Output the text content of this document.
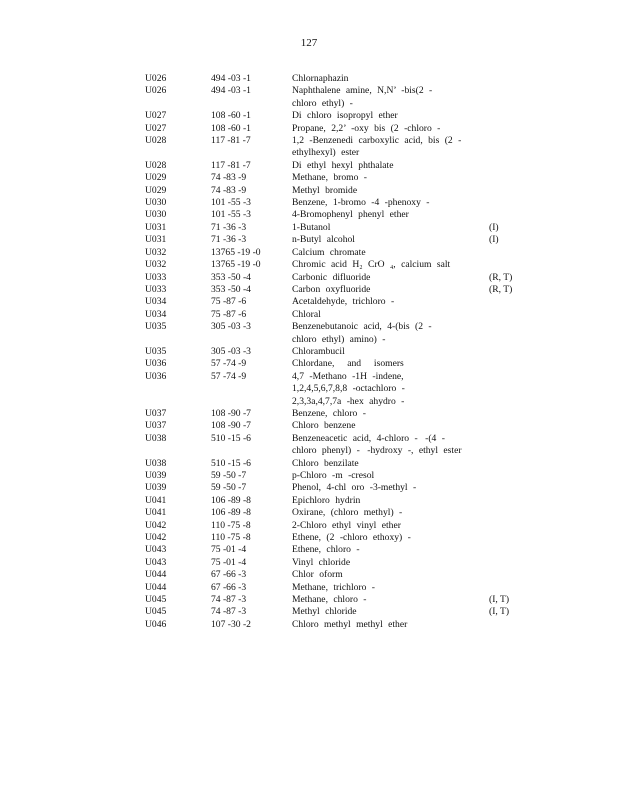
127
U026	494 -03 -1	Chlornaphazin
U026	494 -03 -1	Naphthalene amine, N,N’ -bis(2 -
chloro ethyl) -
U027	108 -60 -1	Di chloro isopropyl ether
U027	108 -60 -1	Propane, 2,2’ -oxy bis (2 -chloro -
U028	117 -81 -7	1,2 -Benzenedi carboxylic acid, bis (2 -
ethylhexyl) ester
U028	117 -81 -7	Di ethyl hexyl phthalate
U029	74 -83 -9	Methane, bromo -
U029	74 -83 -9	Methyl bromide
U030	101 -55 -3	Benzene, 1-bromo -4 -phenoxy -
U030	101 -55 -3	4-Bromophenyl phenyl ether
U031	71 -36 -3	1-Butanol	(I)
U031	71 -36 -3	n-Butyl alcohol	(I)
U032	13765 -19 -0	Calcium chromate
U032	13765 -19 -0	Chromic acid H₂ CrO ₄, calcium salt
U033	353 -50 -4	Carbonic difluoride	(R, T)
U033	353 -50 -4	Carbon oxyfluoride	(R, T)
U034	75 -87 -6	Acetaldehyde, trichloro -
U034	75 -87 -6	Chloral
U035	305 -03 -3	Benzenebutanoic acid, 4-(bis (2 -
chloro ethyl) amino) -
U035	305 -03 -3	Chlorambucil
U036	57 -74 -9	Chlordane, and isomers
U036	57 -74 -9	4,7 -Methano -1H -indene,
1,2,4,5,6,7,8,8 -octachloro -
2,3,3a,4,7,7a -hex ahydro -
U037	108 -90 -7	Benzene, chloro -
U037	108 -90 -7	Chloro benzene
U038	510 -15 -6	Benzeneacetic acid, 4-chloro - -(4 -
chloro phenyl) - -hydroxy -, ethyl ester
U038	510 -15 -6	Chloro benzilate
U039	59 -50 -7	p-Chloro -m -cresol
U039	59 -50 -7	Phenol, 4-chl oro -3-methyl -
U041	106 -89 -8	Epichloro hydrin
U041	106 -89 -8	Oxirane, (chloro methyl) -
U042	110 -75 -8	2-Chloro ethyl vinyl ether
U042	110 -75 -8	Ethene, (2 -chloro ethoxy) -
U043	75 -01 -4	Ethene, chloro -
U043	75 -01 -4	Vinyl chloride
U044	67 -66 -3	Chlor oform
U044	67 -66 -3	Methane, trichloro -
U045	74 -87 -3	Methane, chloro -	(I, T)
U045	74 -87 -3	Methyl chloride	(I, T)
U046	107 -30 -2	Chloro methyl methyl ether
